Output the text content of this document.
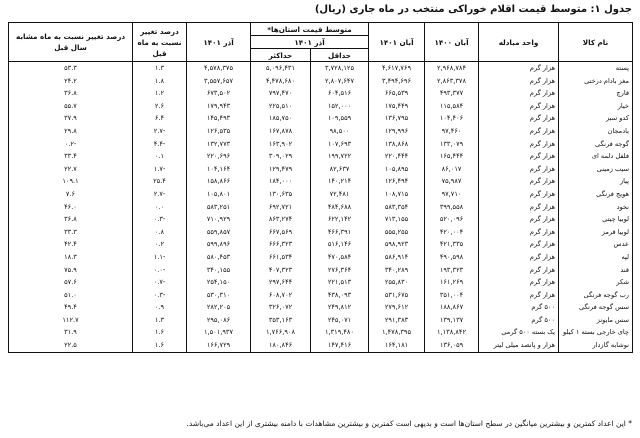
جدول ۱: متوسط قیمت اقلام خوراکی منتخب در ماه جاری (ریال)
نام کالا	واحد مبادله	آبان ۱۴۰۰	آبان ۱۴۰۱	متوسط قیمت استان‌ها*		آذر ۱۴۰۱	درصد تغییر نسبت به ماه قبل	درصد تغییر نسبت به ماه مشابه سال قبل
				آذر ۱۴۰۱				
				حداقل	حداکثر			
پسته	هزار گرم	۲,۹۶۸,۷۸۴	۴,۶۱۷,۷۶۹	۳,۷۲۸,۱۲۵	۵,۰۹۶,۴۳۱	۴,۵۷۸,۳۷۵	۱.۳	۵۳.۳
مغز بادام درختی	هزار گرم	۲,۸۶۳,۳۷۸	۳,۴۹۴,۶۹۶	۲,۸۰۷,۶۴۷	۴,۴۷۸,۶۸۰	۳,۵۵۷,۶۵۷	۱.۸	۲۴.۲
قارچ	هزار گرم	۴۹۳,۳۷۷	۶۶۵,۵۳۹	۶۰۴,۵۱۶	۷۹۷,۴۷۰	۶۷۳,۵۰۲	۱.۲	۳۶.۸
خیار	هزار گرم	۱۱۵,۵۸۴	۱۷۵,۴۴۹	۱۵۲,۰۰۰	۲۲۵,۵۱۰	۱۷۹,۹۴۳	۲.۶	۵۵.۷
کدو سبز	هزار گرم	۱۰۴,۴۰۶	۱۳۶,۷۹۵	۱۰۹,۵۵۹	۱۸۵,۷۵۰	۱۴۵,۴۹۳	۶.۴	۳۷.۹
بادمجان	هزار گرم	۹۷,۴۶۰	۱۲۹,۹۹۶	۹۸,۵۰۰	۱۶۷,۸۷۸	۱۲۶,۵۳۵	-۲.۷	۲۹.۸
گوجه فرنگی	هزار گرم	۱۳۳,۰۷۹	۱۳۸,۸۶۸	۱۰۷,۶۹۳	۱۶۳,۹۰۲	۱۳۲,۷۷۳	-۴.۴	-۰.۲
فلفل دلمه ای	هزار گرم	۱۶۵,۴۴۴	۲۲۰,۴۴۴	۱۹۹,۷۲۲	۳۰۹,۰۲۹	۲۲۰,۶۹۶	۰.۱	۳۳.۴
سیب زمینی	هزار گرم	۸۶,۰۱۷	۱۰۵,۸۹۵	۸۲,۶۳۷	۱۲۹,۴۷۹	۱۰۴,۱۶۴	-۱.۷	۲۲.۷
پیاز	هزار گرم	۷۵,۹۸۷	۱۲۶,۴۹۴	۱۴۰,۲۱۴	۱۸۴,۰۰۰	۱۵۸,۸۶۶	۲۵.۴	۱۰۹.۱
هویج فرنگی	هزار گرم	۹۷,۷۱۰	۱۰۸,۷۱۵	۷۲,۴۸۱	۱۳۰,۶۳۵	۱۰۵,۸۰۱	-۲.۷	۷.۶
نخود	هزار گرم	۳۹۹,۵۵۸	۵۸۳,۳۵۴	۴۸۴,۶۸۸	۶۹۲,۷۲۱	۵۸۳,۲۵۱	۰.۰	۴۶.۰
لوبیا چیتی	هزار گرم	۵۲۰,۰۹۶	۷۱۳,۱۵۵	۶۲۲,۱۴۲	۸۶۳,۲۷۴	۷۱۰,۹۲۹	-۰.۳	۳۶.۸
لوبیا قرمز	هزار گرم	۴۲۰,۰۰۴	۵۵۵,۲۵۵	۴۶۶,۳۹۱	۶۶۷,۵۶۹	۵۵۹,۸۵۷	۰.۸	۳۳.۳
عدس	هزار گرم	۴۲۱,۳۳۵	۵۹۸,۹۲۳	۵۱۶,۱۴۶	۶۶۶,۳۲۳	۵۹۹,۸۹۶	۰.۲	۴۲.۴
لپه	هزار گرم	۴۹۰,۵۹۸	۵۸۶,۹۱۴	۴۷۰,۵۸۴	۶۶۱,۵۳۴	۵۸۰,۴۵۳	-۱.۱	۱۸.۳
قند	هزار گرم	۱۹۳,۳۲۳	۳۴۰,۲۸۹	۲۷۶,۳۶۴	۴۰۷,۳۲۳	۳۴۰,۱۵۵	-۰.۰	۷۵.۹
شکر	هزار گرم	۱۶۱,۲۶۹	۲۵۵,۸۳۰	۲۲۱,۵۱۳	۲۹۷,۶۴۴	۲۵۴,۱۵۰	-۰.۷	۵۷.۶
رب گوجه فرنگی	هزار گرم	۳۵۱,۰۰۴	۵۳۱,۶۷۵	۴۳۸,۰۹۳	۶۰۸,۷۰۲	۵۳۰,۳۱۰	-۰.۳	۵۱.۰
سس گوجه فرنگی	۵۰۰ گرم	۱۸۸,۸۶۷	۲۷۹,۶۱۲	۲۴۹,۸۱۲	۳۲۶,۰۷۲	۲۸۲,۲۰۵	۰.۹	۴۹.۴
سس مایونز	۵۰۰ گرم	۱۳۹,۱۳۷	۲۹۱,۳۸۳	۲۴۵,۰۷۱	۳۵۳,۱۶۳	۲۹۵,۰۸۶	۱.۳	۱۱۲.۷
چای خارجی بسته ۱ کیلو	یک بسته ۵۰۰ گرمی	۱,۱۳۸,۸۴۲	۱,۴۷۸,۳۹۵	۱,۳۱۹,۴۸۰	۱,۷۶۶,۹۰۸	۱,۵۰۱,۹۳۷	۱.۶	۳۱.۹
نوشابه گازدار	هزار و پانصد میلی لیتر	۱۳۶,۰۵۹	۱۶۴,۱۸۱	۱۴۷,۴۱۶	۱۸۰,۸۴۶	۱۶۶,۷۲۹	۱.۶	۲۲.۵
* این اعداد کمترین و بیشترین میانگین در سطح استان‌ها است و بدیهی است کمترین و بیشترین مشاهدات با دامنه بیشتری از این اعداد می‌باشد.
